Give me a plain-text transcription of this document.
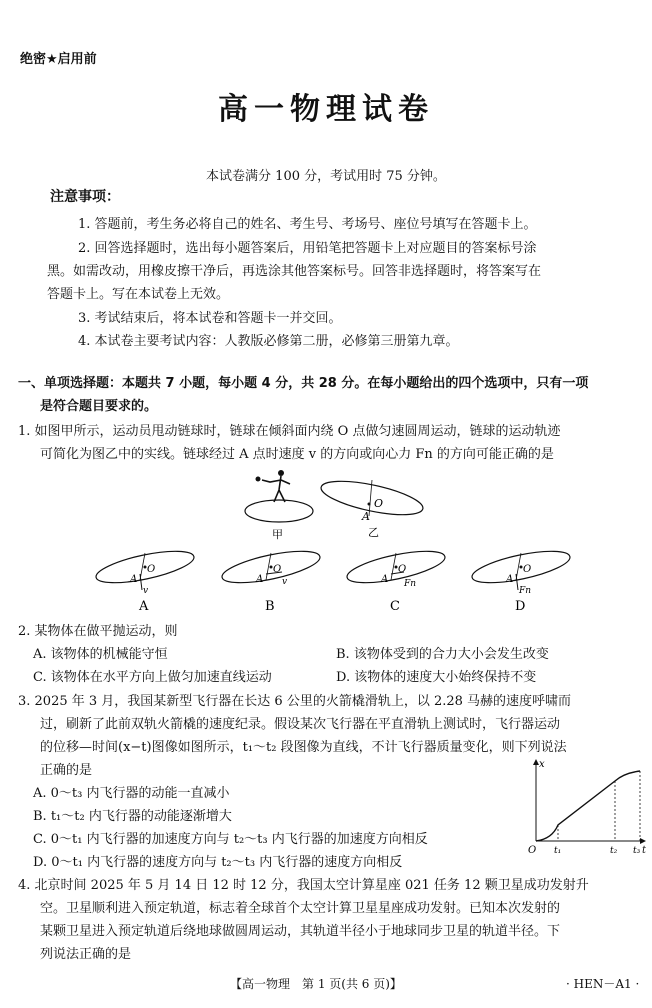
绝密★启用前
高一物理试卷
本试卷满分 100 分，考试用时 75 分钟。
注意事项：
1. 答题前，考生务必将自己的姓名、考生号、考场号、座位号填写在答题卡上。
2. 回答选择题时，选出每小题答案后，用铅笔把答题卡上对应题目的答案标号涂
黑。如需改动，用橡皮擦干净后，再选涂其他答案标号。回答非选择题时，将答案写在
答题卡上。写在本试卷上无效。
3. 考试结束后，将本试卷和答题卡一并交回。
4. 本试卷主要考试内容：人教版必修第二册，必修第三册第九章。
一、单项选择题：本题共 7 小题，每小题 4 分，共 28 分。在每小题给出的四个选项中，只有一项
是符合题目要求的。
1. 如图甲所示，运动员甩动链球时，链球在倾斜面内绕 O 点做匀速圆周运动，链球的运动轨迹
可简化为图乙中的实线。链球经过 A 点时速度 v 的方向或向心力 Fn 的方向可能正确的是
甲
O
A
乙
O
A
v
O
A v
O
A Fn
O
A
Fn
A	B	C	D
2. 某物体在做平抛运动，则
A. 该物体的机械能守恒	B. 该物体受到的合力大小会发生改变
C. 该物体在水平方向上做匀加速直线运动	D. 该物体的速度大小始终保持不变
3. 2025 年 3 月，我国某新型飞行器在长达 6 公里的火箭橇滑轨上，以 2.28 马赫的速度呼啸而
过，刷新了此前双轨火箭橇的速度纪录。假设某次飞行器在平直滑轨上测试时，飞行器运动
的位移—时间(x−t)图像如图所示，t₁～t₂ 段图像为直线，不计飞行器质量变化，则下列说法
正确的是
A. 0～t₃ 内飞行器的动能一直减小
B. t₁～t₂ 内飞行器的动能逐渐增大
C. 0～t₁ 内飞行器的加速度方向与 t₂～t₃ 内飞行器的加速度方向相反
D. 0～t₁ 内飞行器的速度方向与 t₂～t₃ 内飞行器的速度方向相反
x
O t₁	t₂ t₃ t
4. 北京时间 2025 年 5 月 14 日 12 时 12 分，我国太空计算星座 021 任务 12 颗卫星成功发射升
空。卫星顺利进入预定轨道，标志着全球首个太空计算卫星星座成功发射。已知本次发射的
某颗卫星进入预定轨道后绕地球做圆周运动，其轨道半径小于地球同步卫星的轨道半径。下
列说法正确的是
【高一物理　第 1 页(共 6 页)】	· HEN－A1 ·
